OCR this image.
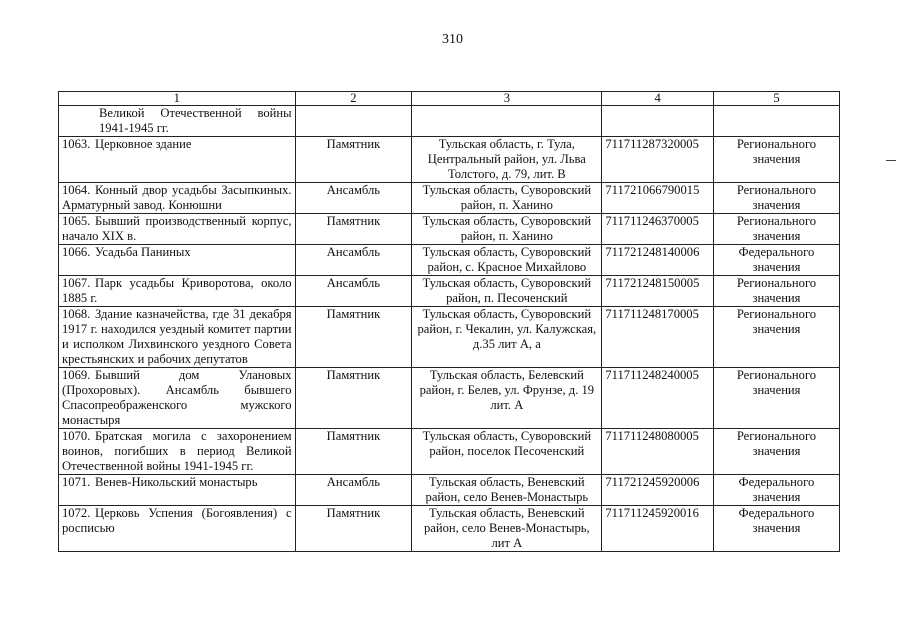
310
1	2	3	4	5
Великой Отечественной войны 1941-1945 гг.				
1063. Церковное здание	Памятник	Тульская область, г. Тула, Центральный район, ул. Льва Толстого, д. 79, лит. В	711711287320005	Регионального значения
1064. Конный двор усадьбы Засыпкиных. Арматурный завод. Конюшни	Ансамбль	Тульская область, Суворовский район, п. Ханино	711721066790015	Регионального значения
1065. Бывший производственный корпус, начало XIX в.	Памятник	Тульская область, Суворовский район, п. Ханино	711711246370005	Регионального значения
1066. Усадьба Паниных	Ансамбль	Тульская область, Суворовский район, с. Красное Михайлово	711721248140006	Федерального значения
1067. Парк усадьбы Криворотова, около 1885 г.	Ансамбль	Тульская область, Суворовский район, п. Песоченский	711721248150005	Регионального значения
1068. Здание казначейства, где 31 декабря 1917 г. находился уездный комитет партии и исполком Лихвинского уездного Совета крестьянских и рабочих депутатов	Памятник	Тульская область, Суворовский район, г. Чекалин, ул. Калужская, д.35 лит А, а	711711248170005	Регионального значения
1069. Бывший дом Улановых (Прохоровых). Ансамбль бывшего Спасопреображенского мужского монастыря	Памятник	Тульская область, Белевский район, г. Белев, ул. Фрунзе, д. 19 лит. А	711711248240005	Регионального значения
1070. Братская могила с захоронением воинов, погибших в период Великой Отечественной войны 1941-1945 гг.	Памятник	Тульская область, Суворовский район, поселок Песоченский	711711248080005	Регионального значения
1071. Венев-Никольский монастырь	Ансамбль	Тульская область, Веневский район, село Венев-Монастырь	711721245920006	Федерального значения
1072. Церковь Успения (Богоявления) с росписью	Памятник	Тульская область, Веневский район, село Венев-Монастырь, лит А	711711245920016	Федерального значения
